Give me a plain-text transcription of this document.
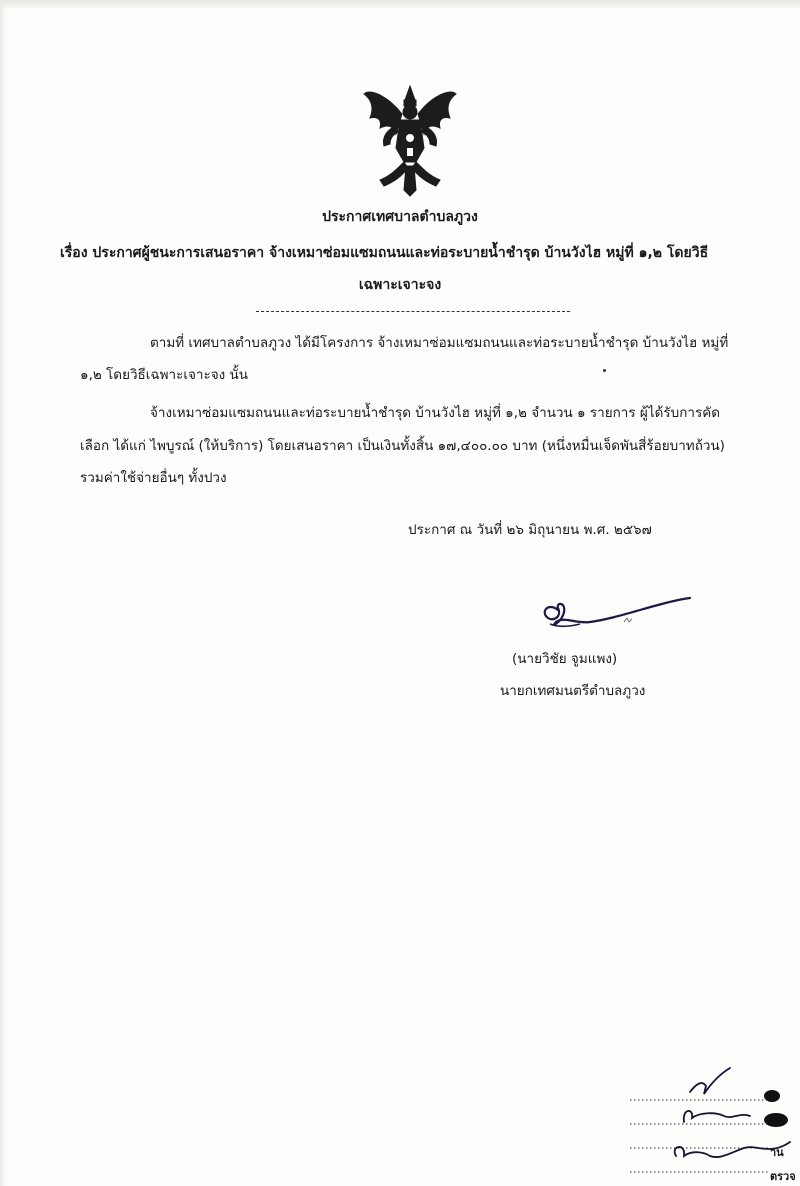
ประกาศเทศบาลตำบลภูวง
เรื่อง ประกาศผู้ชนะการเสนอราคา จ้างเหมาซ่อมแซมถนนและท่อระบายน้ำชำรุด บ้านวังไฮ หมู่ที่ ๑,๒ โดยวิธี
เฉพาะเจาะจง
ตามที่ เทศบาลตำบลภูวง ได้มีโครงการ จ้างเหมาซ่อมแซมถนนและท่อระบายน้ำชำรุด บ้านวังไฮ หมู่ที่
๑,๒ โดยวิธีเฉพาะเจาะจง นั้น
จ้างเหมาซ่อมแซมถนนและท่อระบายน้ำชำรุด บ้านวังไฮ หมู่ที่ ๑,๒ จำนวน ๑ รายการ ผู้ได้รับการคัด
เลือก ได้แก่ ไพบูรณ์ (ให้บริการ) โดยเสนอราคา เป็นเงินทั้งสิ้น ๑๗,๔๐๐.๐๐ บาท (หนึ่งหมื่นเจ็ดพันสี่ร้อยบาทถ้วน)
รวมค่าใช้จ่ายอื่นๆ ทั้งปวง
ประกาศ ณ วันที่ ๒๖ มิถุนายน พ.ศ. ๒๕๖๗
(นายวิชัย จูมแพง)
นายกเทศมนตรีตำบลภูวง
าน
ตรวจ
